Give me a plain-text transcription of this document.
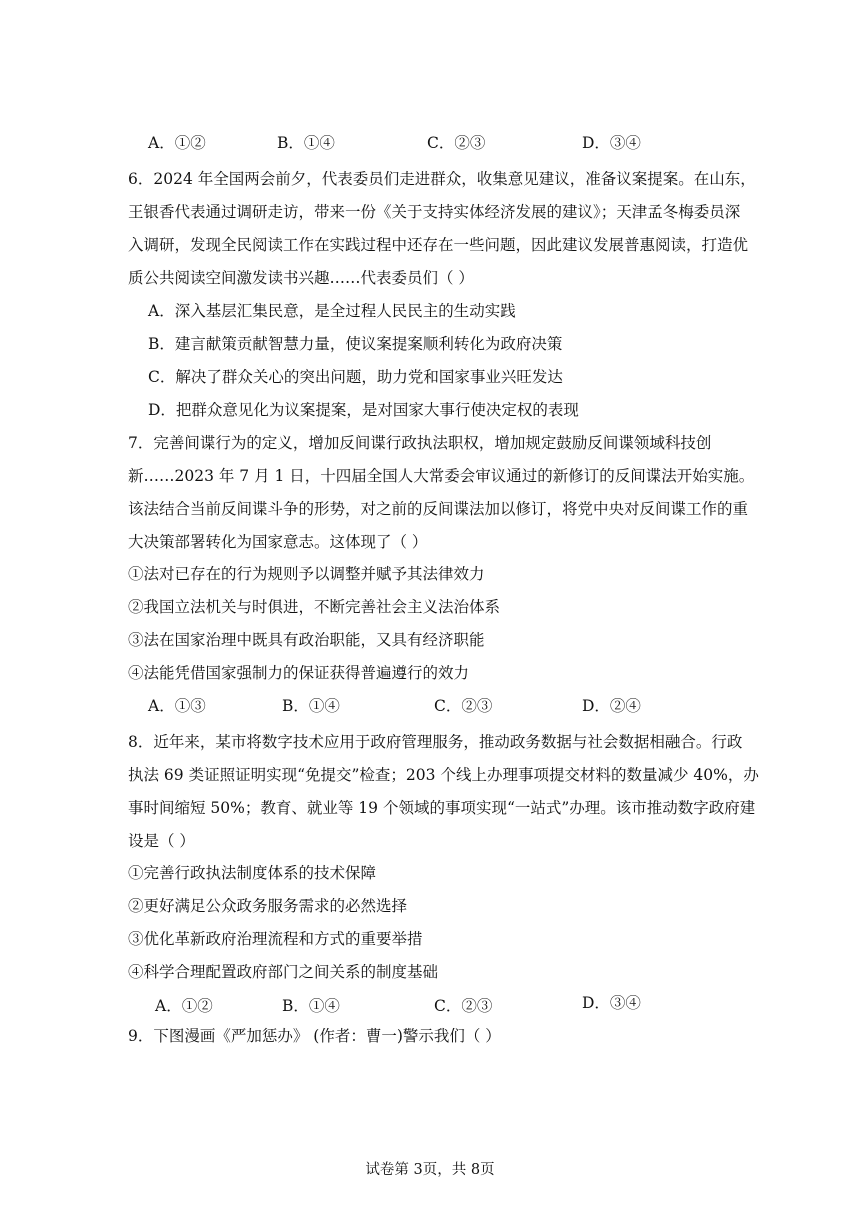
A．①②	B．①④	C．②③	D．③④
6．2024 年全国两会前夕，代表委员们走进群众，收集意见建议，准备议案提案。在山东，
王银香代表通过调研走访，带来一份《关于支持实体经济发展的建议》；天津孟冬梅委员深
入调研，发现全民阅读工作在实践过程中还存在一些问题，因此建议发展普惠阅读，打造优
质公共阅读空间激发读书兴趣……代表委员们（ ）
A．深入基层汇集民意，是全过程人民民主的生动实践
B．建言献策贡献智慧力量，使议案提案顺利转化为政府决策
C．解决了群众关心的突出问题，助力党和国家事业兴旺发达
D．把群众意见化为议案提案，是对国家大事行使决定权的表现
7．完善间谍行为的定义，增加反间谍行政执法职权，增加规定鼓励反间谍领域科技创
新……2023 年 7 月 1 日，十四届全国人大常委会审议通过的新修订的反间谍法开始实施。
该法结合当前反间谍斗争的形势，对之前的反间谍法加以修订，将党中央对反间谍工作的重
大决策部署转化为国家意志。这体现了（ ）
①法对已存在的行为规则予以调整并赋予其法律效力
②我国立法机关与时俱进，不断完善社会主义法治体系
③法在国家治理中既具有政治职能，又具有经济职能
④法能凭借国家强制力的保证获得普遍遵行的效力
A．①③	B．①④	C．②③	D．②④
8．近年来，某市将数字技术应用于政府管理服务，推动政务数据与社会数据相融合。行政
执法 69 类证照证明实现“免提交”检查；203 个线上办理事项提交材料的数量减少 40%，办
事时间缩短 50%；教育、就业等 19 个领域的事项实现“一站式”办理。该市推动数字政府建
设是（ ）
①完善行政执法制度体系的技术保障
②更好满足公众政务服务需求的必然选择
③优化革新政府治理流程和方式的重要举措
④科学合理配置政府部门之间关系的制度基础
A．①②	B．①④	C．②③	D．③④
9．下图漫画《严加惩办》 (作者：曹一)警示我们（ ）
试卷第 3页，共 8页
